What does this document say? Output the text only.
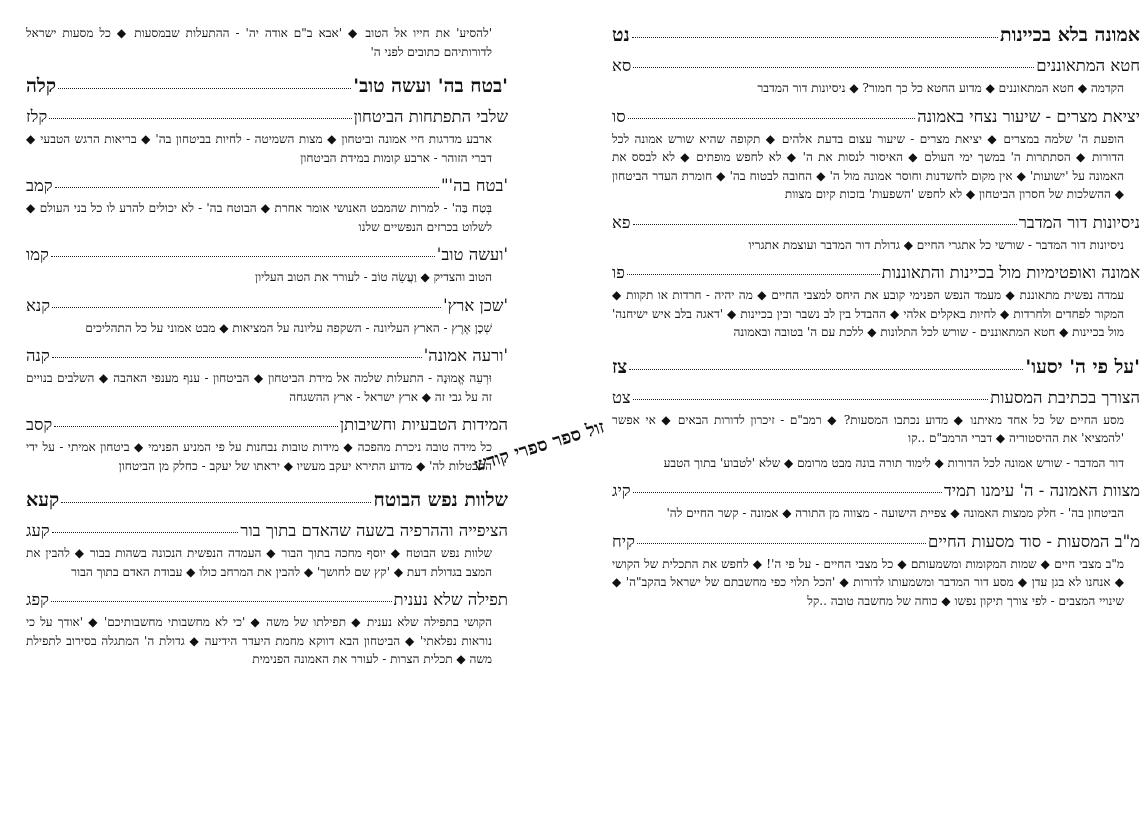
אמונה בלא בכיינות
נט
חטא המתאוננים
סא
הקדמה ◆ חטא המתאוננים ◆ מדוע החטא כל כך חמור? ◆ ניסיונות דור המדבר
יציאת מצרים - שיעור נצחי באמונה
סו
הופעת ה' שלמה במצרים ◆ יציאת מצרים - שיעור עצום בדעת אלהים ◆ תקופה שהיא שורש אמונה לכל הדורות ◆ הסתתרות ה' במשך ימי העולם ◆ האיסור לנסות את ה' ◆ לא לחפש מופתים ◆ לא לבסס את האמונה על 'ישועות' ◆ אין מקום לחשדנות וחוסר אמונה מול ה' ◆ החובה לבטוח בה' ◆ חומרת העדר הביטחון ◆ ההשלכות של חסרון הביטחון ◆ לא לחפש 'השפעות' בזכות קיום מצוות
ניסיונות דור המדבר
פא
ניסיונות דור המדבר - שורשי כל אתגרי החיים ◆ גדולת דור המדבר ועוצמת אתגריו
אמונה ואופטימיות מול בכיינות והתאוננות
פו
עמדה נפשית מתאוננת ◆ מעמד הנפש הפנימי קובע את היחס למצבי החיים ◆ מה יהיה - חרדות או תקוות ◆ המקור לפחדים ולחרדות ◆ לחיות באקלים אלהי ◆ ההבדל בין לב נשבר ובין בכיינות ◆ 'דאגה בלב איש ישיחנה' מול בכיינות ◆ חטא המתאוננים - שורש לכל התלונות ◆ ללכת עם ה' בטובה ובאמונה
'על פי ה' יסעו'
צז
הצורך בכתיבת המסעות
צט
מסע החיים של כל אחד מאיתנו ◆ מדוע נכתבו המסעות? ◆ רמב"ם - זיכרון לדורות הבאים ◆ אי אפשר 'להמציא' את ההיסטוריה ◆ דברי הרמב"ם ..קו
דור המדבר - שורש אמונה לכל הדורות ◆ לימוד תורה בונה מבט מרומם ◆ שלא 'לטבוע' בתוך הטבע
מצוות האמונה - ה' עימנו תמיד
קיג
הביטחון בה' - חלק ממצות האמונה ◆ צפיית הישועה - מצווה מן התורה ◆ אמונה - קשר החיים לה'
מ"ב המסעות - סוד מסעות החיים
קיח
מ"ב מצבי חיים ◆ שמות המקומות ומשמעותם ◆ כל מצבי החיים - על פי ה'! ◆ לחפש את התכלית של הקושי ◆ אנחנו לא בגן עדן ◆ מסע דור המדבר ומשמעותו לדורות ◆ 'הכל תלוי כפי מחשבתם של ישראל בהקב"ה' ◆ שינויי המצבים - לפי צורך תיקון נפשו ◆ כוחה של מחשבה טובה ..קל
'להסיע' את חייו אל הטוב ◆ 'אבא ב"ם אודה יה' - ההתעלות שבמסעות ◆ כל מסעות ישראל לדורותיהם כתובים לפני ה'
'בטח בה' ועשה טוב'
קלה
שלבי התפתחות הביטחון
קלז
ארבע מדרגות חיי אמונה וביטחון ◆ מצות השמיטה - לחיות בביטחון בה' ◆ בריאות הרגש הטבעי ◆ דברי הזוהר - ארבע קומות במידת הביטחון
'בטח בה'"
קמב
בְּטַח בַּה' - למרות שהמבט האנושי אומר אחרת ◆ הבוטח בה' - לא יכולים להרע לו כל בני העולם ◆ לשלוט בכרזים הנפשיים שלנו
'ועשה טוב'
קמו
הטוב והצדיק ◆ וַעֲשֵׂה טוֹב - לעורר את הטוב העליון
'שכן ארץ'
קנא
שְׁכָן אֶרֶץ - הארץ העליונה - השקפה עליונה על המציאות ◆ מבט אמוני על כל התהליכים
'ורעה אמונה'
קנה
וּרְעֵה אֱמוּנָה - התעלות שלמה אל מידת הביטחון ◆ הביטחון - ענף מענפי האהבה ◆ השלבים בנויים זה על גבי זה ◆ ארץ ישראל - ארץ ההשגחה
המידות הטבעיות וחשיבותן
קסב
כל מידה טובה ניכרת מהפכה ◆ מידות טובות נבחנות על פי המניע הפנימי ◆ ביטחון אמיתי - על ידי התבטלות לה' ◆ מדוע התירא יעקב מעשיו ◆ יראתו של יעקב - כחלק מן הביטחון
שלוות נפש הבוטח
קעא
הציפייה וההרפיה בשעה שהאדם בתוך בור
קעג
שלוות נפש הבוטח ◆ יוסף מחכה בתוך הבור ◆ העמדה הנפשית הנכונה בשהות בבור ◆ להבין את המצב בגדולת דעת ◆ 'קץ שם לחושך' ◆ להבין את המרחב כולו ◆ עבודת האדם בתוך הבור
תפילה שלא נענית
קפג
הקושי בתפילה שלא נענית ◆ תפילתו של משה ◆ 'כי לא מחשבותי מחשבותיכם' ◆ 'אודך על כי נוראות נפלאתי' ◆ הביטחון הבא דווקא מחמת היעדר הידיעה ◆ גדולת ה' המתגלה בסירוב לתפילת משה ◆ תכלית הצרות - לעורר את האמונה הפנימית
זול ספר ספרי קודש
